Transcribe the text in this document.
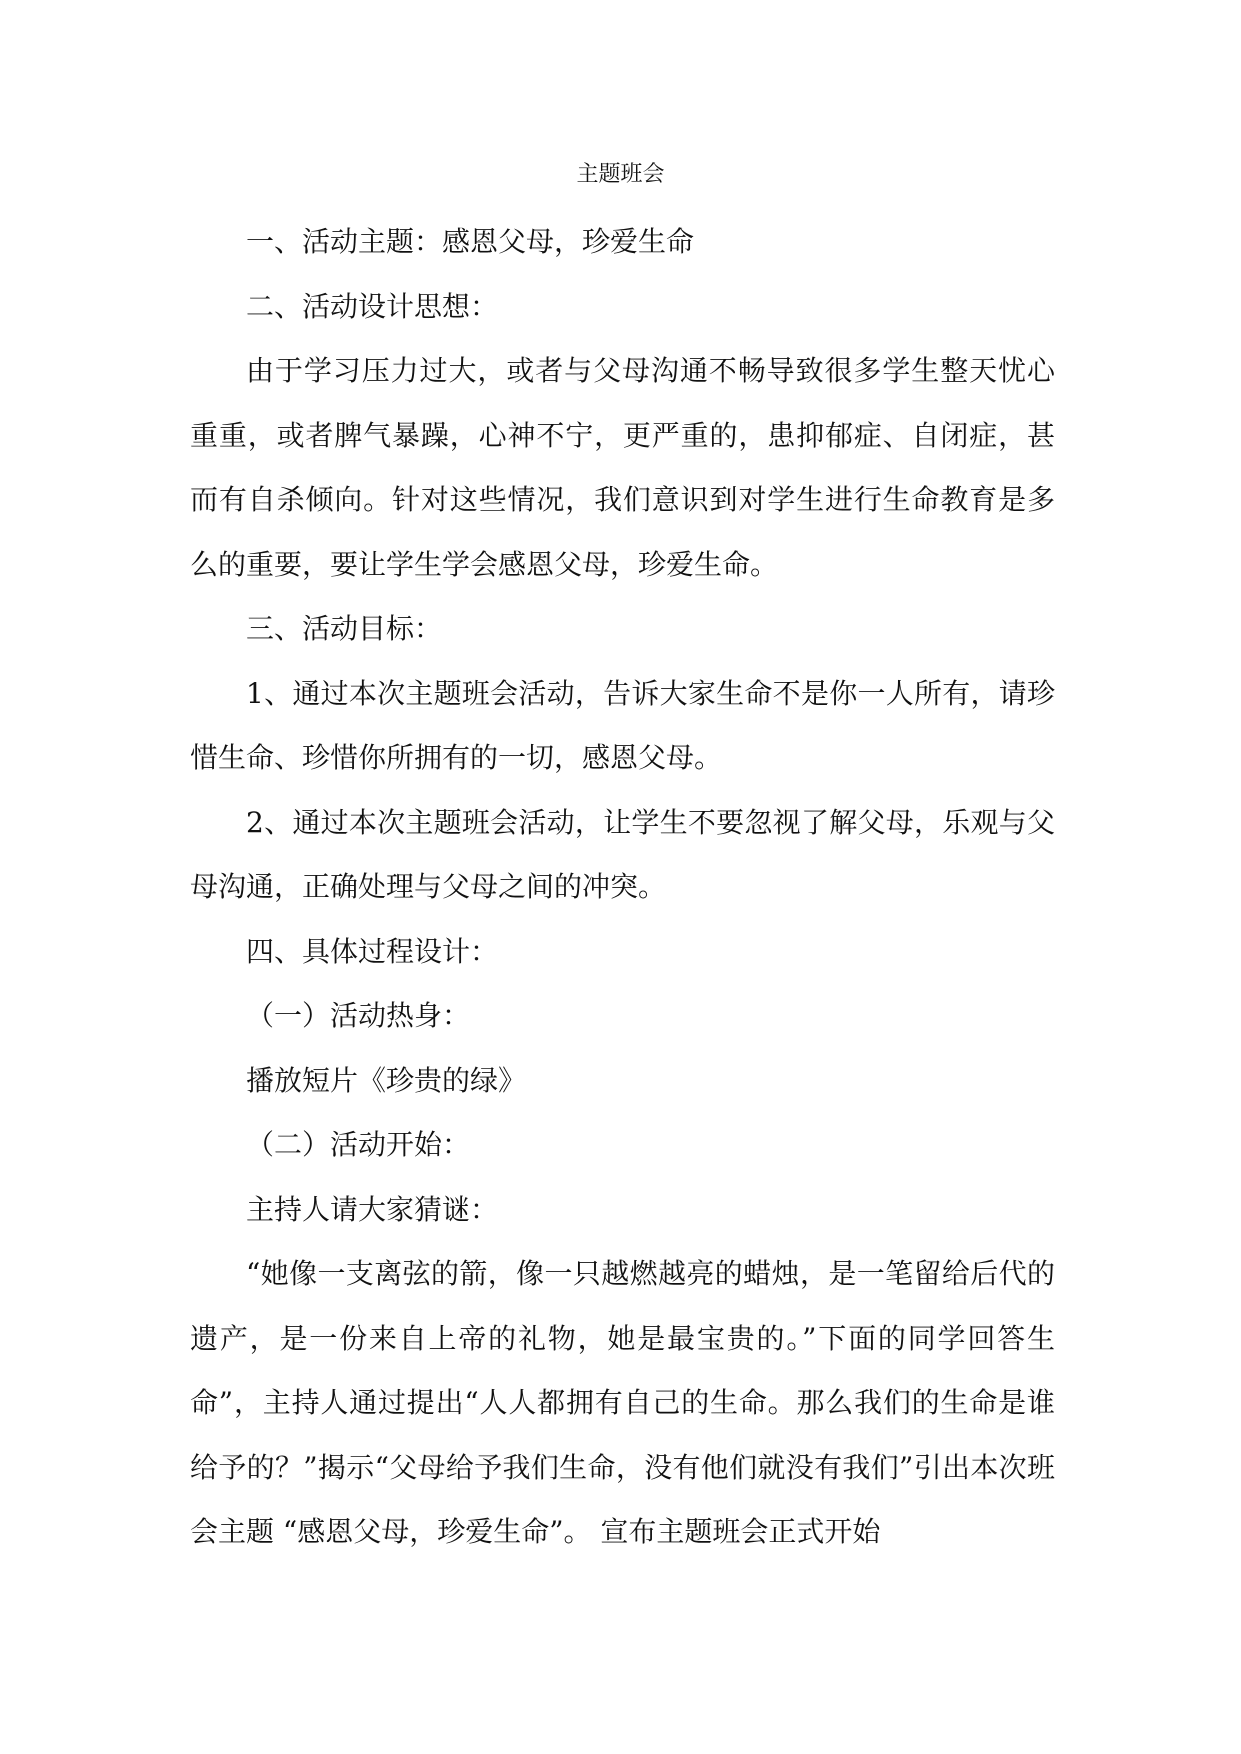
主题班会

一、活动主题：感恩父母，珍爱生命

二、活动设计思想：

由于学习压力过大，或者与父母沟通不畅导致很多学生整天忧心重重，或者脾气暴躁，心神不宁，更严重的，患抑郁症、自闭症，甚而有自杀倾向。针对这些情况，我们意识到对学生进行生命教育是多么的重要，要让学生学会感恩父母，珍爱生命。

三、活动目标：

1、通过本次主题班会活动，告诉大家生命不是你一人所有，请珍惜生命、珍惜你所拥有的一切，感恩父母。

2、通过本次主题班会活动，让学生不要忽视了解父母，乐观与父母沟通，正确处理与父母之间的冲突。

四、具体过程设计：

（一）活动热身：

播放短片《珍贵的绿》

（二）活动开始：

主持人请大家猜谜：

“她像一支离弦的箭，像一只越燃越亮的蜡烛，是一笔留给后代的遗产，是一份来自上帝的礼物，她是最宝贵的。”下面的同学回答生命”，主持人通过提出“人人都拥有自己的生命。那么我们的生命是谁给予的？”揭示“父母给予我们生命，没有他们就没有我们”引出本次班会主题 “感恩父母，珍爱生命”。 宣布主题班会正式开始
